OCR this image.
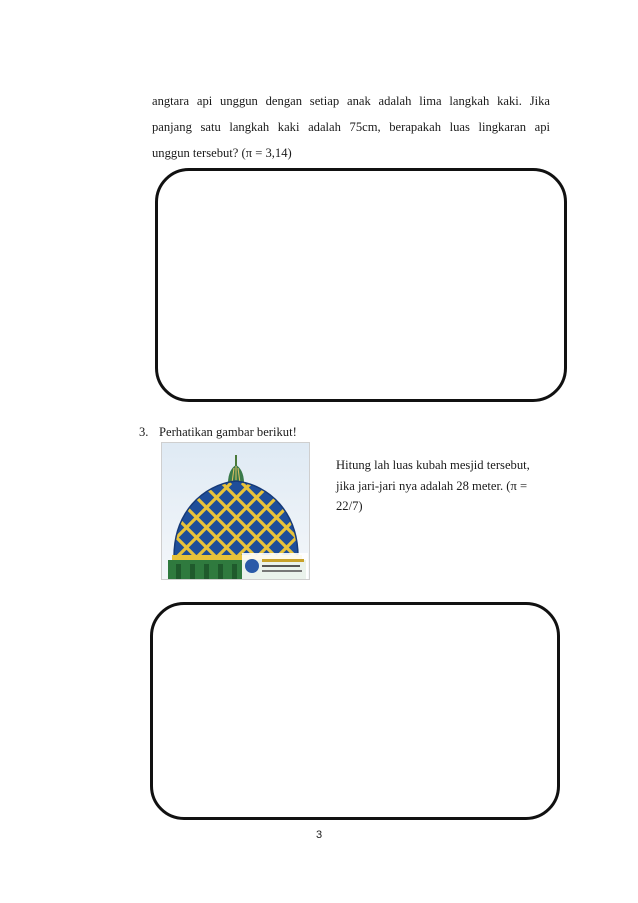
angtara api unggun dengan setiap anak adalah lima langkah kaki. Jika
panjang satu langkah kaki adalah 75cm, berapakah luas lingkaran api
unggun tersebut? (π = 3,14)
3. Perhatikan gambar berikut!
Hitung lah luas kubah mesjid tersebut, jika jari-jari nya adalah 28 meter. (π = 22/7)
3
